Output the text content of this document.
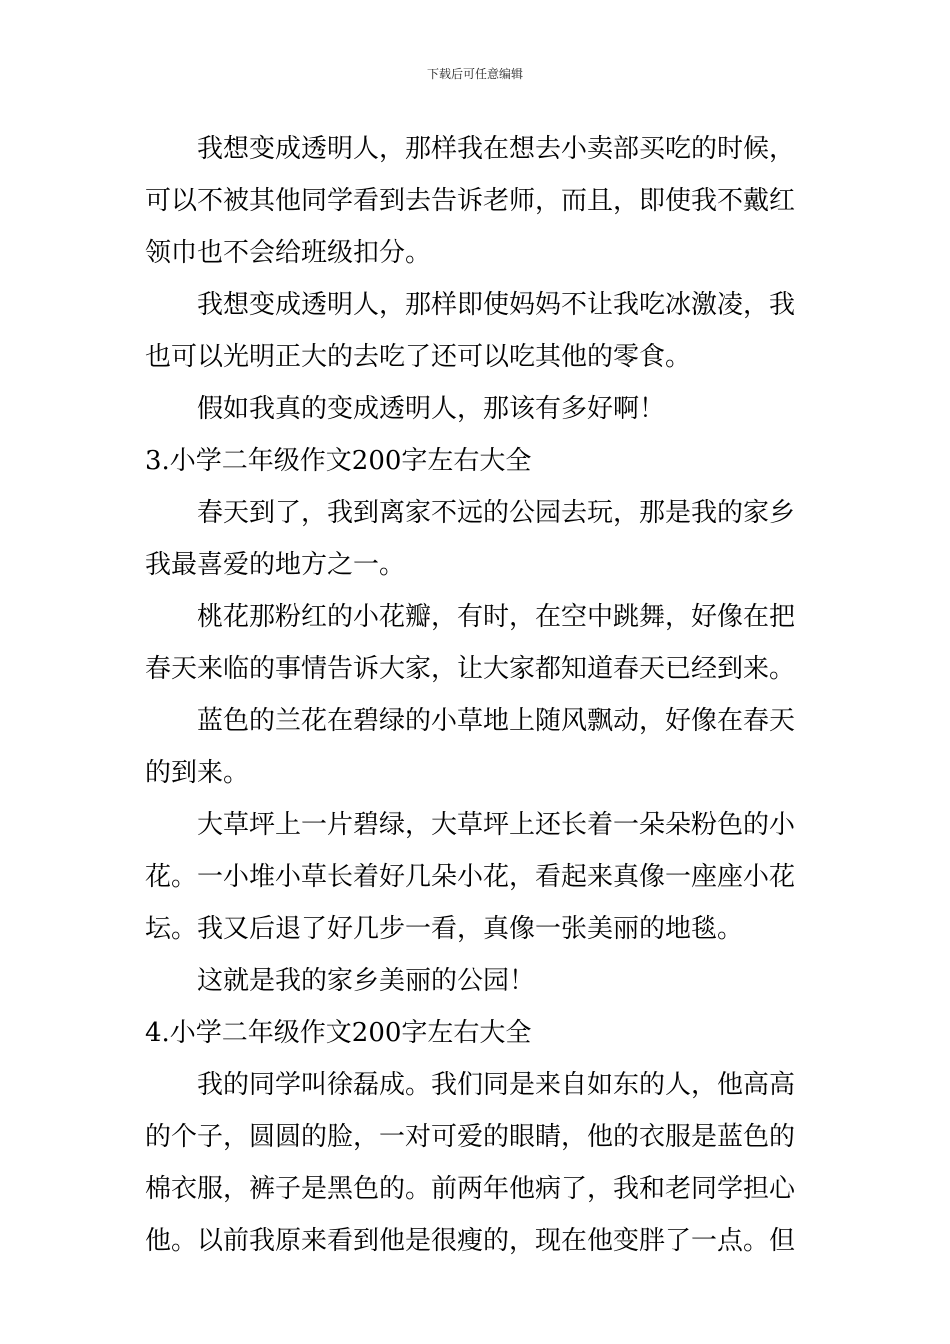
下载后可任意编辑
我想变成透明人，那样我在想去小卖部买吃的时候，
可以不被其他同学看到去告诉老师，而且，即使我不戴红
领巾也不会给班级扣分。
我想变成透明人，那样即使妈妈不让我吃冰激凌，我
也可以光明正大的去吃了还可以吃其他的零食。
假如我真的变成透明人，那该有多好啊！
3.小学二年级作文200字左右大全
春天到了，我到离家不远的公园去玩，那是我的家乡
我最喜爱的地方之一。
桃花那粉红的小花瓣，有时，在空中跳舞，好像在把
春天来临的事情告诉大家，让大家都知道春天已经到来。
蓝色的兰花在碧绿的小草地上随风飘动，好像在春天
的到来。
大草坪上一片碧绿，大草坪上还长着一朵朵粉色的小
花。一小堆小草长着好几朵小花，看起来真像一座座小花
坛。我又后退了好几步一看，真像一张美丽的地毯。
这就是我的家乡美丽的公园！
4.小学二年级作文200字左右大全
我的同学叫徐磊成。我们同是来自如东的人，他高高
的个子，圆圆的脸，一对可爱的眼睛，他的衣服是蓝色的
棉衣服，裤子是黑色的。前两年他病了，我和老同学担心
他。以前我原来看到他是很瘦的，现在他变胖了一点。但
